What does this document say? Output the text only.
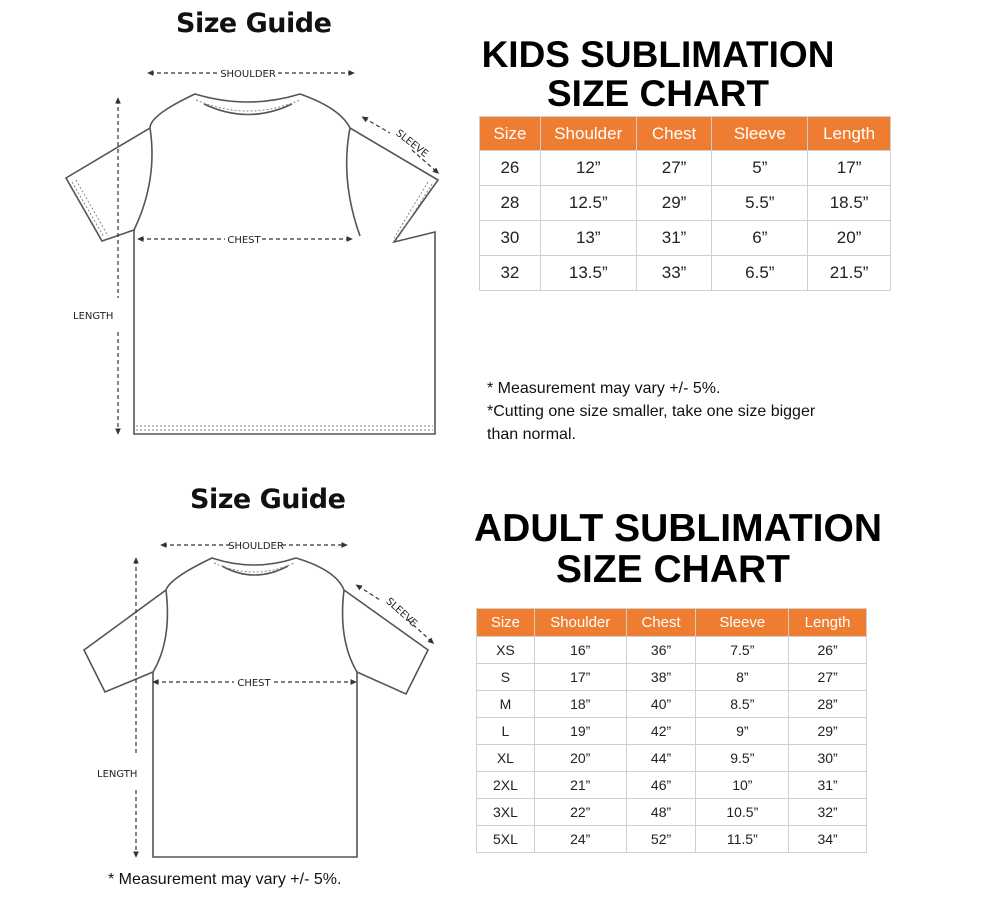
Size Guide
SHOULDER
CHEST
LENGTH
SLEEVE
KIDS SUBLIMATION
SIZE CHART
Size	Shoulder	Chest	Sleeve	Length
26	12”	27”	5”	17”
28	12.5”	29”	5.5”	18.5”
30	13”	31”	6”	20”
32	13.5”	33”	6.5”	21.5”
* Measurement may vary +/- 5%.
*Cutting one size smaller, take one size bigger
than normal.
Size Guide
SHOULDER
CHEST
LENGTH
SLEEVE
* Measurement may vary +/- 5%.
ADULT SUBLIMATION
SIZE CHART
Size	Shoulder	Chest	Sleeve	Length
XS	16”	36”	7.5”	26”
S	17”	38”	8”	27”
M	18”	40”	8.5”	28”
L	19”	42”	9”	29”
XL	20”	44”	9.5”	30”
2XL	21”	46”	10”	31”
3XL	22”	48”	10.5”	32”
5XL	24”	52”	11.5”	34”
